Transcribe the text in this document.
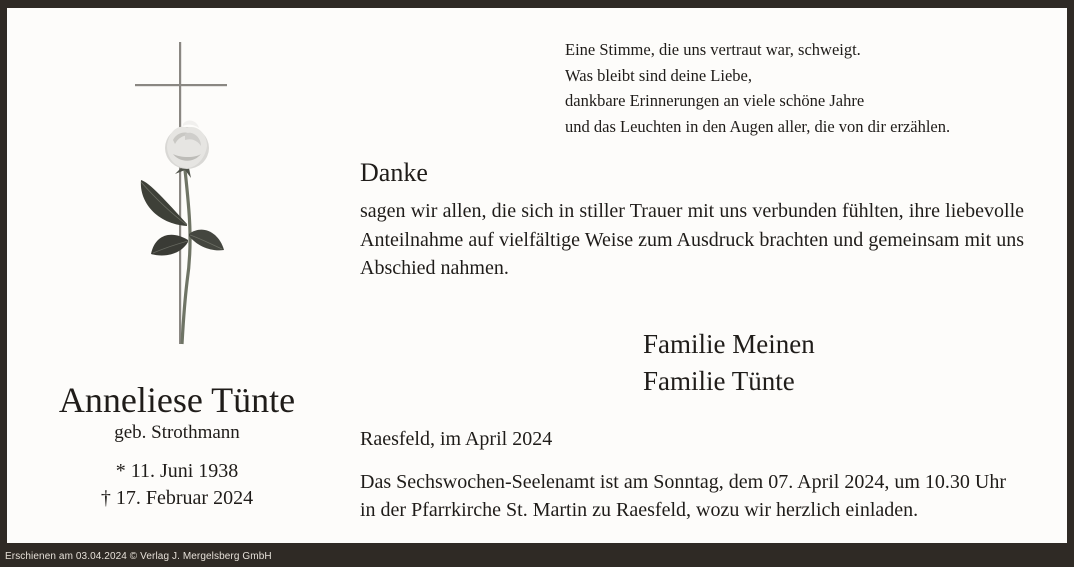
Eine Stimme, die uns vertraut war, schweigt.
Was bleibt sind deine Liebe,
dankbare Erinnerungen an viele schöne Jahre
und das Leuchten in den Augen aller, die von dir erzählen.
Danke
sagen wir allen, die sich in stiller Trauer mit uns verbunden fühlten, ihre liebevolle Anteilnahme auf vielfältige Weise zum Ausdruck brachten und gemeinsam mit uns Abschied nahmen.
Familie Meinen
Familie Tünte
Raesfeld, im April 2024
Das Sechswochen-Seelenamt ist am Sonntag, dem 07. April 2024, um 10.30 Uhr
in der Pfarrkirche St. Martin zu Raesfeld, wozu wir herzlich einladen.
Anneliese Tünte
geb. Strothmann
* 11. Juni 1938
† 17. Februar 2024
Erschienen am 03.04.2024 © Verlag J. Mergelsberg GmbH
